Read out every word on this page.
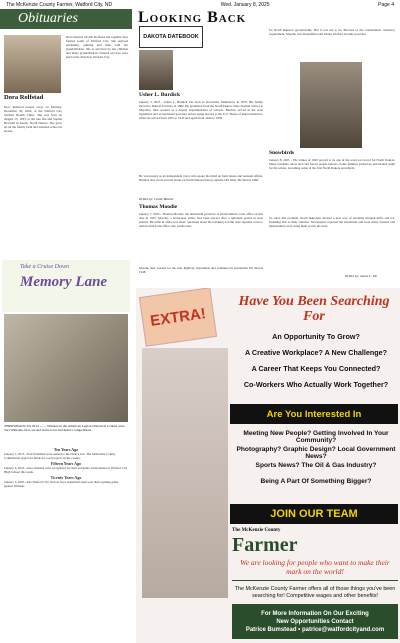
The McKenzie County Farmer, Watford City, ND	Wed. January 8, 2025	Page 4
Obituaries
Dora Rolfstad
Dora Rolfstad passed away on Monday, December 30, 2024, at the Watford City Sanford Health Clinic. She was born on August 15, 1933, to the late Ole and Sophie Hovland in Keene, North Dakota. She grew up on the family farm and attended school in Keene.
Dora married Orville Rolfstad and together they farmed south of Watford City. She enjoyed gardening, quilting and time with her grandchildren. She is survived by her children and many grandchildren. Funeral services were held at the church in Watford City.
Take a Cruise Down
Memory Lane
THROWBACK TO 2014 ........ Winners in the American Legion Oratorical Contest were Tori Williams, first, second in the local and district competitions.
Ten Years Ago
January 7, 2015...Four freshmen were named to the Dean's List. The McKenzie County Commission approved funds for road projects in the county.
Fifteen Years Ago
January 6, 2010...Area students were recognized for their academic achievement at Watford City High School this week.
Twenty Years Ago
January 5, 2005...The Watford City Wolves boys basketball team won their opening game against Killdeer.
Looking Back
DAKOTA DATEBOOK
Usher L. Burdick
January 5, 2025 - Usher L. Burdick was born in Owatonna, Minnesota, in 1879. His family moved to Dakota Territory in 1882. He graduated from the North Dakota State Normal School at Mayville, then worked as a deputy superintendent of schools. Burdick served in the state legislature and as lieutenant governor before being elected to the U.S. House of Representatives, where he served from 1935 to 1945 and again from 1949 to 1959.
He was known as an independent voice who spoke his mind on farm issues and national affairs. Burdick also wrote several books on North Dakota history and the Old West. He died in 1960.
Written by: Carole Butcher
Thomas Moodie
January 7, 2025 - Thomas Moodie, the nineteenth governor of North Dakota, took office on this date in 1935. Moodie, a newspaper editor, had been elected after a turbulent period in state politics. His time in office was short: questions about his residency led the state supreme court to remove him from office only weeks later.
Moodie later worked for the state highway department and continued in journalism. He died in 1948.
for North Dakota's governorship. But it was not to be. Because of the constitution's residency requirement, Moodie was disqualified and Walter Welford became governor.
Snowbirds
January 8, 2025 - The winter of 1920 proved to be one of the worst on record for North Dakota. Many residents, snow and cold forced people indoors. Some families packed up and headed south for the winter, becoming some of the first North Dakota snowbirds.
To solve this problem, North Dakotans devised a new way of traveling through drifts and ice, fastening skis to their vehicles. Newspapers reported the inventions and soon many farmers and businessmen were using them across the state.
Written by: Jayme L. Job
EXTRA!
Have You Been Searching For
An Opportunity To Grow?
A Creative Workplace? A New Challenge?
A Career That Keeps You Connected?
Co-Workers Who Actually Work Together?
Are You Interested In
Meeting New People? Getting Involved In Your Community?
Photography? Graphic Design? Local Government News?
Sports News? The Oil & Gas Industry?
Being A Part Of Something Bigger?
JOIN OUR TEAM
The McKenzie County
Farmer
We are looking for people who want to make their mark on the world!
The McKenzie County Farmer offers all of those things you've been searching for! Competitive wages and other benefits!
For More Information On Our Exciting
New Opportunities Contact
Patrice Bumstead • patrice@watfordcityand.com
